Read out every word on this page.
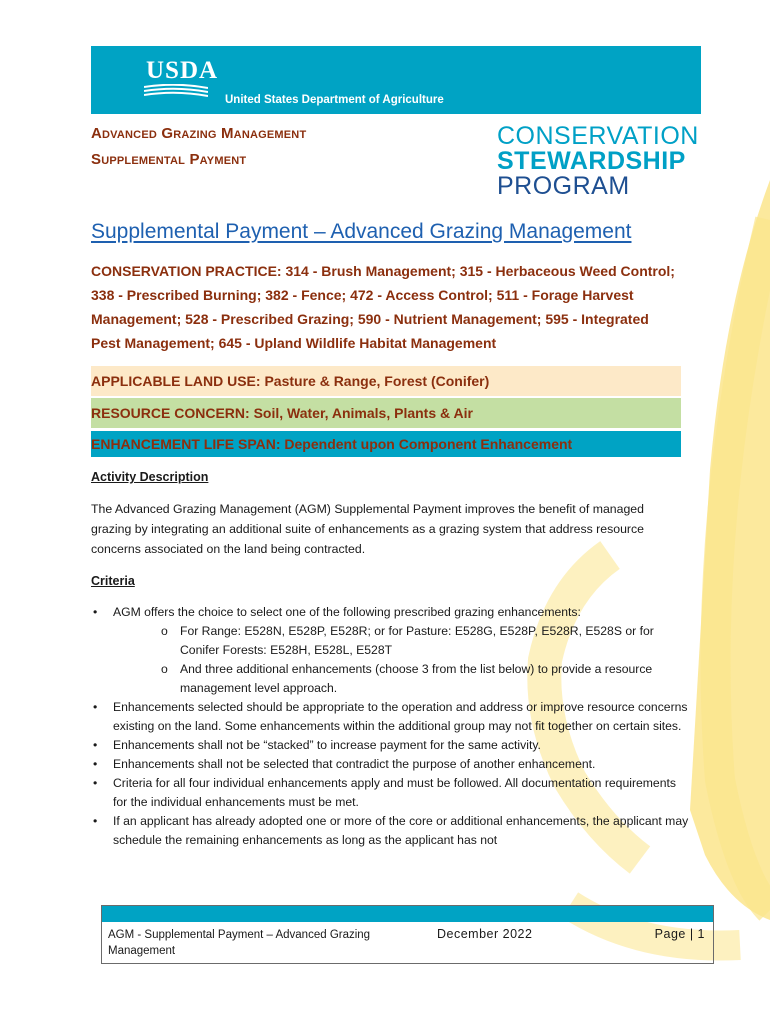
USDA
United States Department of Agriculture
Advanced Grazing Management
Supplemental Payment
CONSERVATION
STEWARDSHIP
PROGRAM
Supplemental Payment – Advanced Grazing Management
CONSERVATION PRACTICE: 314 - Brush Management; 315 - Herbaceous Weed Control; 338 - Prescribed Burning; 382 - Fence; 472 - Access Control; 511 - Forage Harvest Management; 528 - Prescribed Grazing; 590 - Nutrient Management; 595 - Integrated Pest Management; 645 - Upland Wildlife Habitat Management
APPLICABLE LAND USE: Pasture & Range, Forest (Conifer)
RESOURCE CONCERN: Soil, Water, Animals, Plants & Air
ENHANCEMENT LIFE SPAN: Dependent upon Component Enhancement
Activity Description
The Advanced Grazing Management (AGM) Supplemental Payment improves the benefit of managed grazing by integrating an additional suite of enhancements as a grazing system that address resource concerns associated on the land being contracted.
Criteria
• AGM offers the choice to select one of the following prescribed grazing enhancements:
o For Range: E528N, E528P, E528R; or for Pasture: E528G, E528P, E528R, E528S or for Conifer Forests: E528H, E528L, E528T
o And three additional enhancements (choose 3 from the list below) to provide a resource management level approach.
• Enhancements selected should be appropriate to the operation and address or improve resource concerns existing on the land. Some enhancements within the additional group may not fit together on certain sites.
• Enhancements shall not be “stacked” to increase payment for the same activity.
• Enhancements shall not be selected that contradict the purpose of another enhancement.
• Criteria for all four individual enhancements apply and must be followed. All documentation requirements for the individual enhancements must be met.
• If an applicant has already adopted one or more of the core or additional enhancements, the applicant may schedule the remaining enhancements as long as the applicant has not
AGM - Supplemental Payment – Advanced Grazing Management
December 2022	Page | 1
